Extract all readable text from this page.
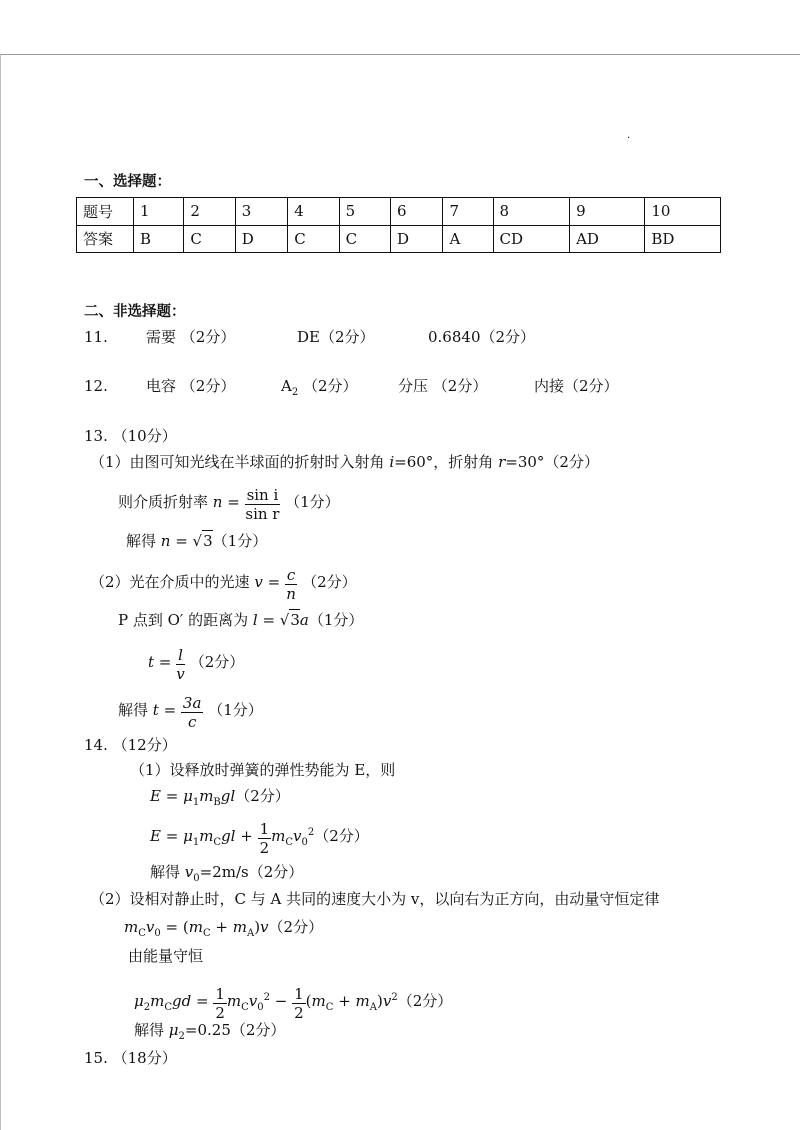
·
一、选择题：
题号	1	2	3	4	5	6	7	8	9	10
答案	B	C	D	C	C	D	A	CD	AD	BD
二、非选择题：
11.	需要 （2分）	DE（2分）	0.6840（2分）
12.	电容 （2分）	$A_2$ （2分）	分压 （2分）	内接（2分）
13. （10分）
（1）由图可知光线在半球面的折射时入射角 i=60°，折射角 r=30°（2分）
则介质折射率 $n = \frac{\text{sin i}}{\text{sin r}} (1$分）
解得 n = √3（1分）
（2）光在介质中的光速 $v = \frac{c}{n} (2$分）
P 点到 O′ 的距离为 l = √3a（1分）
$t = \frac{l}{v} (2$分）
解得 $t = \frac{3a}{c} (1$分）
14. （12分）
（1）设释放时弹簧的弹性势能为 E，则
$E = \mu_1m_Bgl(2$分）
$E = \mu_1m_Cgl + \frac{1}{2} m_Cv_0^2(2$分）
解得 $v_0=2m/s(2$分）
（2）设相对静止时，C 与 A 共同的速度大小为 v，以向右为正方向，由动量守恒定律
$m_Cv_0 = (m_C + m_A)v(2$分）
由能量守恒
$\mu_2m_Cgd = \frac{1}{2} m_Cv_0^2 - \frac{1}{2} (m_C + m_A)v^2(2$分）
解得 $\mu_2=0.25(2$分）
15. （18分）
